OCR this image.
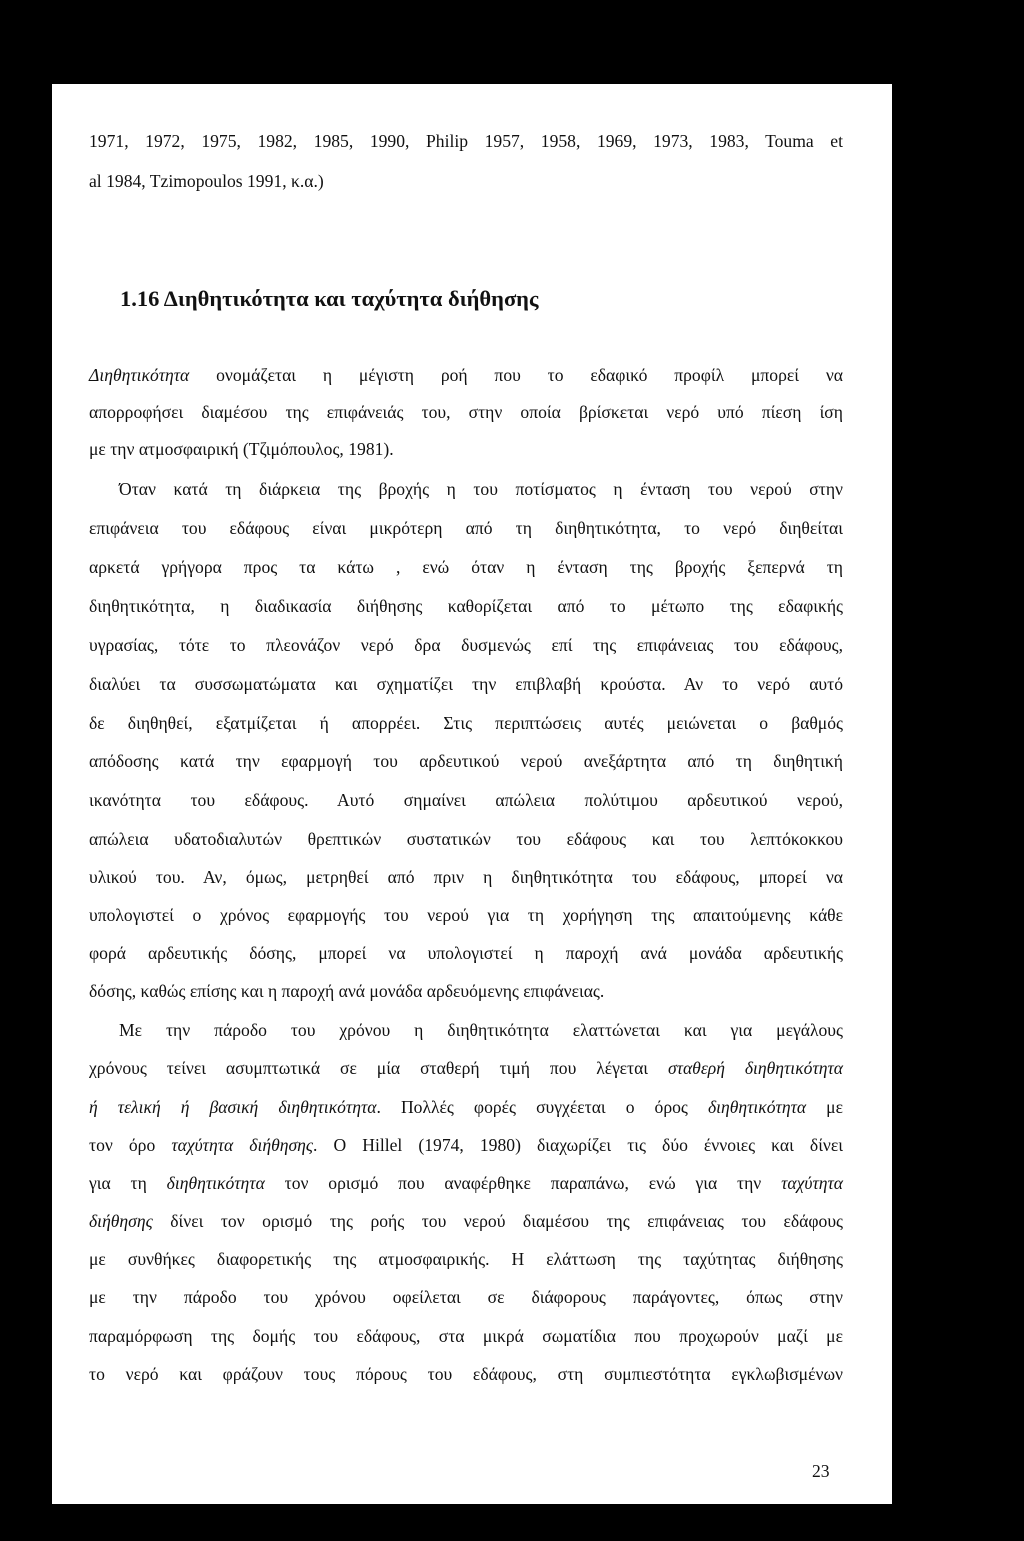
1971, 1972, 1975, 1982, 1985, 1990, Philip 1957, 1958, 1969, 1973, 1983, Touma et

al 1984, Tzimopoulos 1991, κ.α.)

1.16 Διηθητικότητα και ταχύτητα διήθησης

Διηθητικότητα ονομάζεται η μέγιστη ροή που το εδαφικό προφίλ μπορεί να

απορροφήσει διαμέσου της επιφάνειάς του, στην οποία βρίσκεται νερό υπό πίεση ίση

με την ατμοσφαιρική (Τζιμόπουλος, 1981).

Όταν κατά τη διάρκεια της βροχής η του ποτίσματος η ένταση του νερού στην

επιφάνεια του εδάφους είναι μικρότερη από τη διηθητικότητα, το νερό διηθείται

αρκετά γρήγορα προς τα κάτω , ενώ όταν η ένταση της βροχής ξεπερνά τη

διηθητικότητα, η διαδικασία διήθησης καθορίζεται από το μέτωπο της εδαφικής

υγρασίας, τότε το πλεονάζον νερό δρα δυσμενώς επί της επιφάνειας του εδάφους,

διαλύει τα συσσωματώματα και σχηματίζει την επιβλαβή κρούστα. Αν το νερό αυτό

δε διηθηθεί, εξατμίζεται ή απορρέει. Στις περιπτώσεις αυτές μειώνεται ο βαθμός

απόδοσης κατά την εφαρμογή του αρδευτικού νερού ανεξάρτητα από τη διηθητική

ικανότητα του εδάφους. Αυτό σημαίνει απώλεια πολύτιμου αρδευτικού νερού,

απώλεια υδατοδιαλυτών θρεπτικών συστατικών του εδάφους και του λεπτόκοκκου

υλικού του. Αν, όμως, μετρηθεί από πριν η διηθητικότητα του εδάφους, μπορεί να

υπολογιστεί ο χρόνος εφαρμογής του νερού για τη χορήγηση της απαιτούμενης κάθε

φορά αρδευτικής δόσης, μπορεί να υπολογιστεί η παροχή ανά μονάδα αρδευτικής

δόσης, καθώς επίσης και η παροχή ανά μονάδα αρδευόμενης επιφάνειας.

Με την πάροδο του χρόνου η διηθητικότητα ελαττώνεται και για μεγάλους

χρόνους τείνει ασυμπτωτικά σε μία σταθερή τιμή που λέγεται σταθερή διηθητικότητα

ή τελική ή βασική διηθητικότητα. Πολλές φορές συγχέεται ο όρος διηθητικότητα με

τον όρο ταχύτητα διήθησης. O Hillel (1974, 1980) διαχωρίζει τις δύο έννοιες και δίνει

για τη διηθητικότητα τον ορισμό που αναφέρθηκε παραπάνω, ενώ για την ταχύτητα

διήθησης δίνει τον ορισμό της ροής του νερού διαμέσου της επιφάνειας του εδάφους

με συνθήκες διαφορετικής της ατμοσφαιρικής. Η ελάττωση της ταχύτητας διήθησης

με την πάροδο του χρόνου οφείλεται σε διάφορους παράγοντες, όπως στην

παραμόρφωση της δομής του εδάφους, στα μικρά σωματίδια που προχωρούν μαζί με

το νερό και φράζουν τους πόρους του εδάφους, στη συμπιεστότητα εγκλωβισμένων

23
